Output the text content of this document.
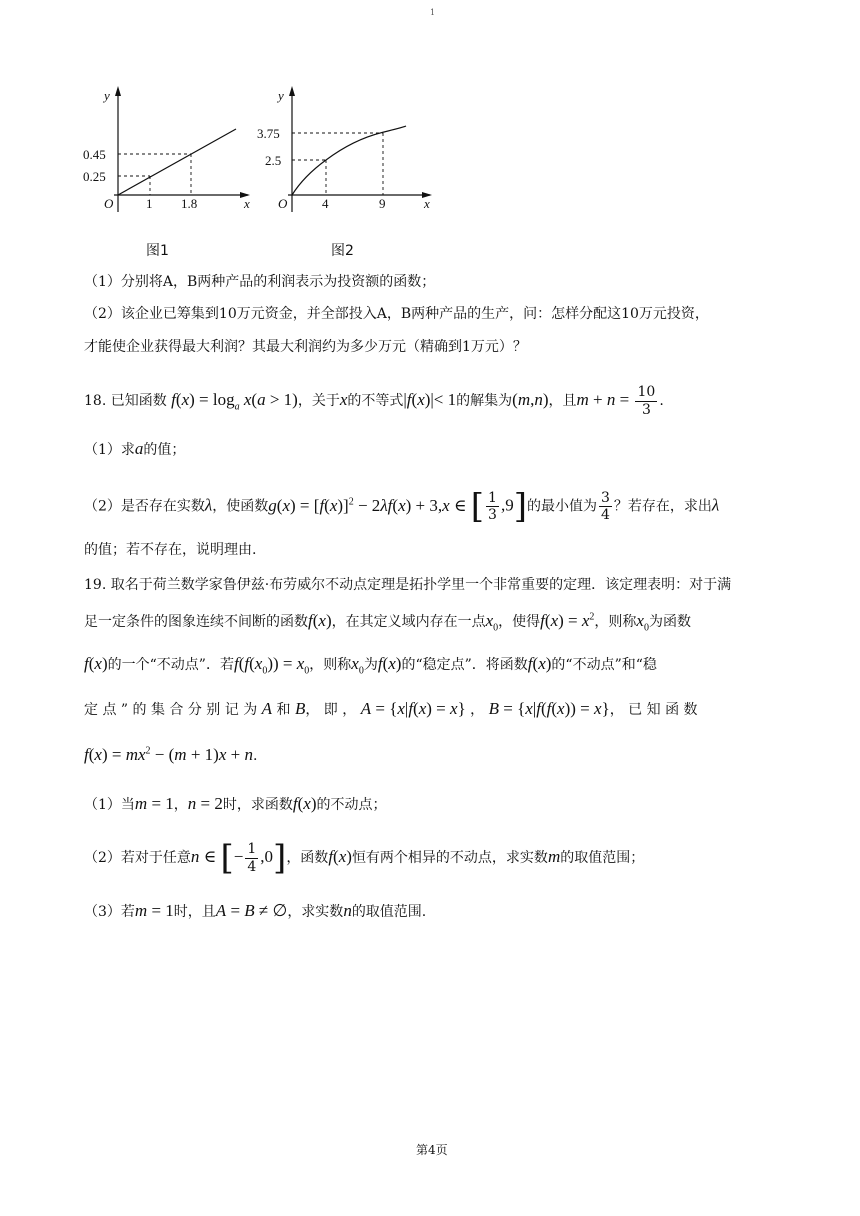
1
y
x
O
0.45
0.25
1 1.8
图1
y
x
O
3.75
2.5
4	9
图2
（1）分别将A，B两种产品的利润表示为投资额的函数；
（2）该企业已筹集到10万元资金，并全部投入A，B两种产品的生产，问：怎样分配这10万元投资，
才能使企业获得最大利润？其最大利润约为多少万元（精确到1万元）？
18. 已知函数 $f(x) = \log_a x(a > 1)$，关于x的不等式|f(x)|< 1的解集为(m,n)，且$m + n = \frac{10}{3}$ .
（1）求a的值；
（2）是否存在实数λ，使函数$g(x) = [f(x)]^2 - 2\lambda f(x) + 3,x$ ∈ [ $\frac{1}{3} ,9$]的最小值为 $\frac{3}{4}$ ？若存在，求出λ
的值；若不存在，说明理由.
19. 取名于荷兰数学家鲁伊兹·布劳威尔不动点定理是拓扑学里一个非常重要的定理．该定理表明：对于满
足一定条件的图象连续不间断的函数f(x)，在其定义域内存在一点$x_0$，使得$f(x) = x^2$，则称$x_0$为函数
f(x)的一个“不动点”．若$f(f(x_0)) = x_0$，则称$x_0$为f(x)的“稳定点”．将函数f(x)的“不动点”和“稳
定 点 ” 的 集 合 分 别 记 为 A 和 B， 即 ， A = {x|f(x) = x} ， B = {x|f(f(x)) = x}， 已 知 函 数
$f(x) = mx^2 - (m + 1)x + n$.
（1）当m = 1，n = 2时，求函数f(x)的不动点；
（2）若对于任意n ∈ [− $\frac{1}{4} ,0$]，函数f(x)恒有两个相异的不动点，求实数m的取值范围；
（3）若m = 1时，且A = B ≠ ∅，求实数n的取值范围.
第4页
